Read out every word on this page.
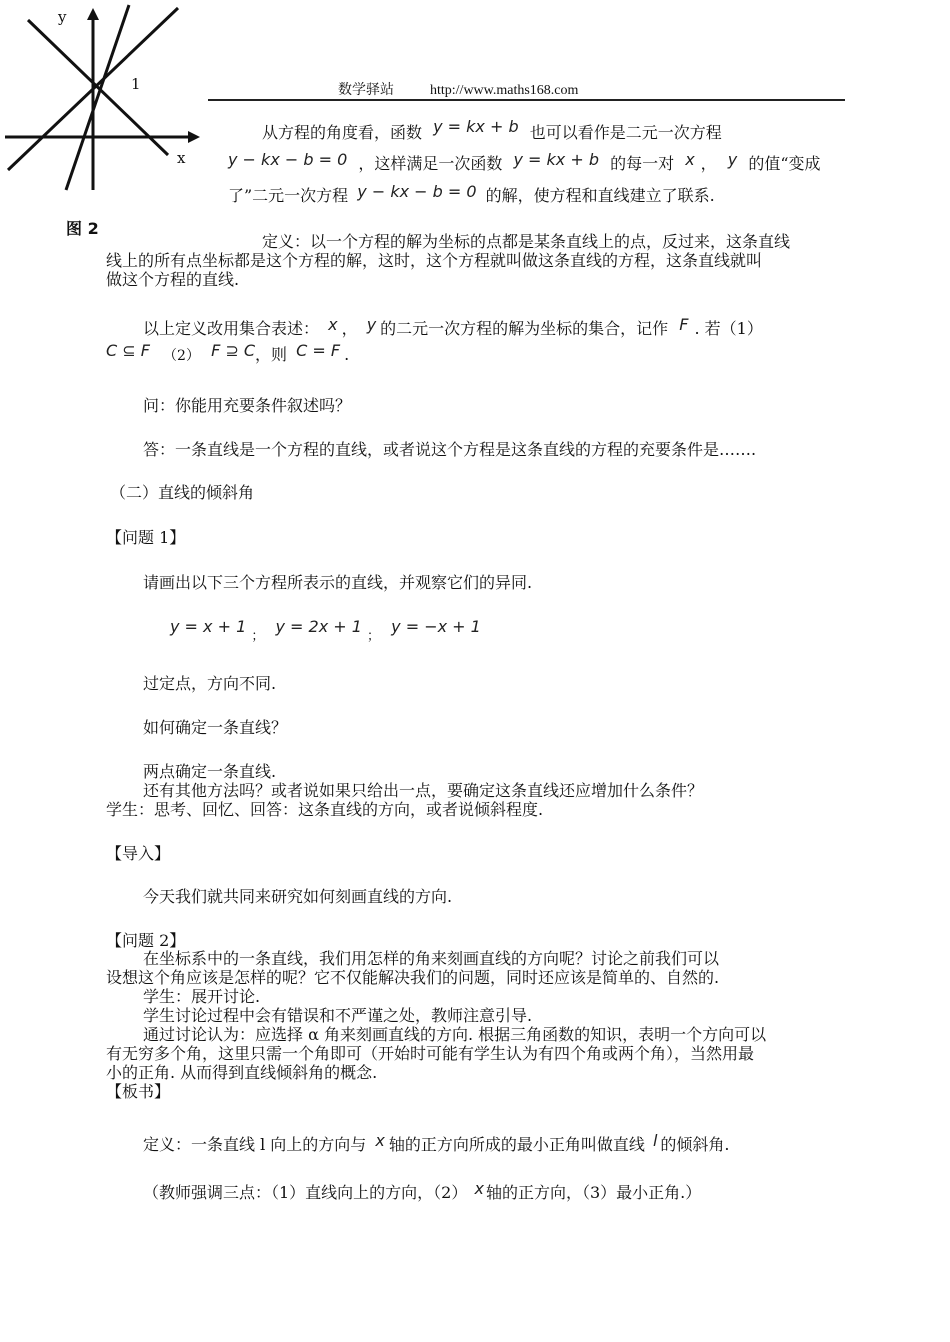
y
x
1
图 2
数学驿站	http://www.maths168.com
从方程的角度看，函数 y = kx + b 也可以看作是二元一次方程
y − kx − b = 0 ，这样满足一次函数 y = kx + b 的每一对 x ， y 的值“变成
了”二元一次方程 y − kx − b = 0 的解，使方程和直线建立了联系.
定义：以一个方程的解为坐标的点都是某条直线上的点，反过来，这条直线
线上的所有点坐标都是这个方程的解，这时，这个方程就叫做这条直线的方程，这条直线就叫
做这个方程的直线.
以上定义改用集合表述： x ， y 的二元一次方程的解为坐标的集合，记作 F . 若（1）
C ⊆ F （2） F ⊇ C，则 C = F .
问：你能用充要条件叙述吗？
答：一条直线是一个方程的直线，或者说这个方程是这条直线的方程的充要条件是…….
（二）直线的倾斜角
【问题 1】
请画出以下三个方程所表示的直线，并观察它们的异同.
y = x + 1 $_;$ y = 2x + 1 $_;$ y = −x + 1
过定点，方向不同.
如何确定一条直线？
两点确定一条直线.
还有其他方法吗？或者说如果只给出一点，要确定这条直线还应增加什么条件？
学生：思考、回忆、回答：这条直线的方向，或者说倾斜程度.
【导入】
今天我们就共同来研究如何刻画直线的方向.
【问题 2】
在坐标系中的一条直线，我们用怎样的角来刻画直线的方向呢？讨论之前我们可以
设想这个角应该是怎样的呢？它不仅能解决我们的问题，同时还应该是简单的、自然的.
学生：展开讨论.
学生讨论过程中会有错误和不严谨之处，教师注意引导.
通过讨论认为：应选择 α 角来刻画直线的方向. 根据三角函数的知识，表明一个方向可以
有无穷多个角，这里只需一个角即可（开始时可能有学生认为有四个角或两个角），当然用最
小的正角. 从而得到直线倾斜角的概念.
【板书】
定义：一条直线 l 向上的方向与 x 轴的正方向所成的最小正角叫做直线 l 的倾斜角.
（教师强调三点：（1）直线向上的方向，（2） x 轴的正方向，（3）最小正角.）
